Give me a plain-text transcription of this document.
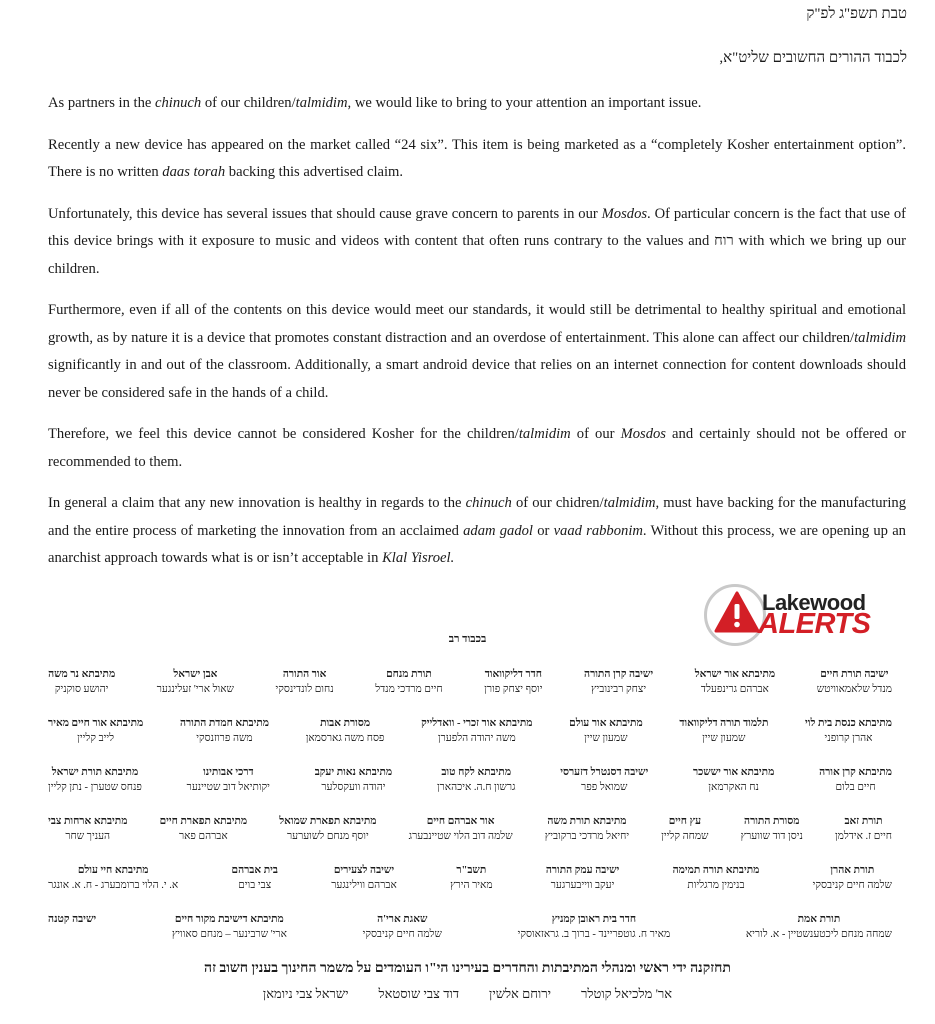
טבת תשפ"ג לפ"ק
לכבוד ההורים החשובים שליט"א,

As partners in the chinuch of our children/talmidim, we would like to bring to your attention an important issue.

Recently a new device has appeared on the market called “24 six”. This item is being marketed as a “completely Kosher entertainment option”. There is no written daas torah backing this advertised claim.

Unfortunately, this device has several issues that should cause grave concern to parents in our Mosdos. Of particular concern is the fact that use of this device brings with it exposure to music and videos with content that often runs contrary to the values and רוח with which we bring up our children.

Furthermore, even if all of the contents on this device would meet our standards, it would still be detrimental to healthy spiritual and emotional growth, as by nature it is a device that promotes constant distraction and an overdose of entertainment. This alone can affect our children/talmidim significantly in and out of the classroom. Additionally, a smart android device that relies on an internet connection for content downloads should never be considered safe in the hands of a child.

Therefore, we feel this device cannot be considered Kosher for the children/talmidim of our Mosdos and certainly should not be offered or recommended to them.

In general a claim that any new innovation is healthy in regards to the chinuch of our chidren/talmidim, must have backing for the manufacturing and the entire process of marketing the innovation from an acclaimed adam gadol or vaad rabbonim. Without this process, we are opening up an anarchist approach towards what is or isn’t acceptable in Klal Yisroel.

Lakewood
ALERTS
בכבוד רב
ישיבה תורת חיים
מנדל שלאמאוויטש
מתיבתא אור ישראל
אברהם גרינפעלד
ישיבה קרן התורה
יצחק רבינוביץ
חדר דליקוואוד
יוסף יצחק פורן
תורת מנחם
חיים מרדכי מנדל
אור התורה
נחום לונדינסקי
אבן ישראל
שאול ארי' זעלינגער
מתיבתא נר משה
יהושע סוקניק
מתיבתא כנסת בית לוי
אהרן קרופני
תלמוד תורה דליקוואוד
שמעון שיין
מתיבתא אור עולם
שמעון שיין
מתיבתא אור זכרי - וואדלייק
משה יהודה הלפערן
מסורת אבות
פסח משה גארסמאן
מתיבתא חמדת התורה
משה פרוזנסקי
מתיבתא אור חיים מאיר
לייב קליין
מתיבתא קרן אורה
חיים בלום
מתיבתא אור יששכר
נח האקרמאן
ישיבה דסנטרל דזערסי
שמואל פפר
מתיבתא לקח טוב
גרשון ח.ה. איכהארן
מתיבתא נאות יעקב
יהודה וועקסלער
דרכי אבותינו
יקותיאל דוב שטיינער
מתיבתא תורת ישראל
פנחס שטערן - נתן קליין
תורת זאב
חיים ז. אידלמן
מסורת התורה
ניסן דוד שווערץ
עץ חיים
שמחה קליין
מתיבתא תורת משה
יחיאל מרדכי ברקוביץ
אור אברהם חיים
שלמה דוב הלוי שטיינבערג
מתיבתא תפארת שמואל
יוסף מנחם לשוערער
מתיבתא תפארת חיים
אברהם פאר
מתיבתא ארחות צבי
העניך שחר
תורת אהרן
שלמה חיים קניבסקי
מתיבתא תורה תמימה
בנימין מרגליות
ישיבה עמק התורה
יעקב ווייבערגער
תשב"ר
מאיר הירץ
ישיבה לצעירים
אברהם ווילינגער
בית אברהם
צבי בוים
מתיבתא חיי עולם
א. י. הלוי ברומבערג - ח. א. אונגר
תורת אמת
שמחה מנחם ליכטענשטיין - א. לוריא
חדר בית ראובן קמניץ
מאיר ח. גוטפריינד - ברוך ב. גראזאוסקי
שאגת ארי'ה
שלמה חיים קניבסקי
מתיבתא דישיבת מקור חיים
ארי' שרבינער – מנחם סאוויץ
ישיבה קטנה

תחזקנה ידי ראשי ומנהלי המתיבתות והחדרים בעירינו הי"ו העומדים על משמר החינוך בענין חשוב זה
אר' מלכיאל קוטלרירוחם אלשיןדוד צבי שוסטאלישראל צבי ניומאן
